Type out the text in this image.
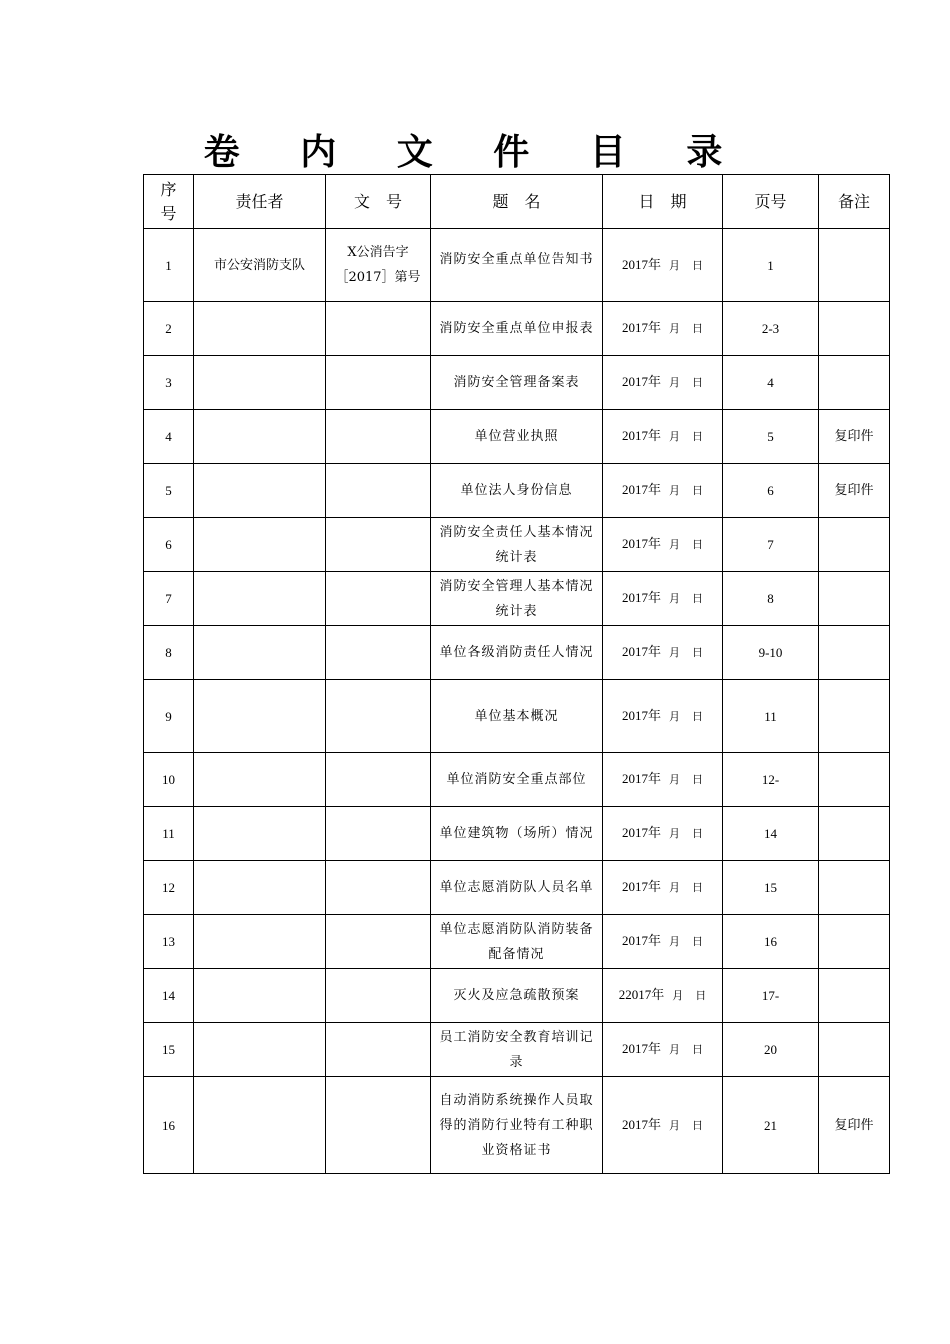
卷 内 文 件 目 录
序号	责任者	文　号	题　名	日　期	页号	备注
1	市公安消防支队	X公消告字［2017］第号	消防安全重点单位告知书	2017年 月 日	1	
2			消防安全重点单位申报表	2017年 月 日	2-3	
3			消防安全管理备案表	2017年 月 日	4	
4			单位营业执照	2017年 月 日	5	复印件
5			单位法人身份信息	2017年 月 日	6	复印件
6			消防安全责任人基本情况统计表	2017年 月 日	7	
7			消防安全管理人基本情况统计表	2017年 月 日	8	
8			单位各级消防责任人情况	2017年 月 日	9-10	
9			单位基本概况	2017年 月 日	11	
10			单位消防安全重点部位	2017年 月 日	12-	
11			单位建筑物（场所）情况	2017年 月 日	14	
12			单位志愿消防队人员名单	2017年 月 日	15	
13			单位志愿消防队消防装备配备情况	2017年 月 日	16	
14			灭火及应急疏散预案	22017年 月 日	17-	
15			员工消防安全教育培训记录	2017年 月 日	20	
16			自动消防系统操作人员取得的消防行业特有工种职业资格证书	2017年 月 日	21	复印件
